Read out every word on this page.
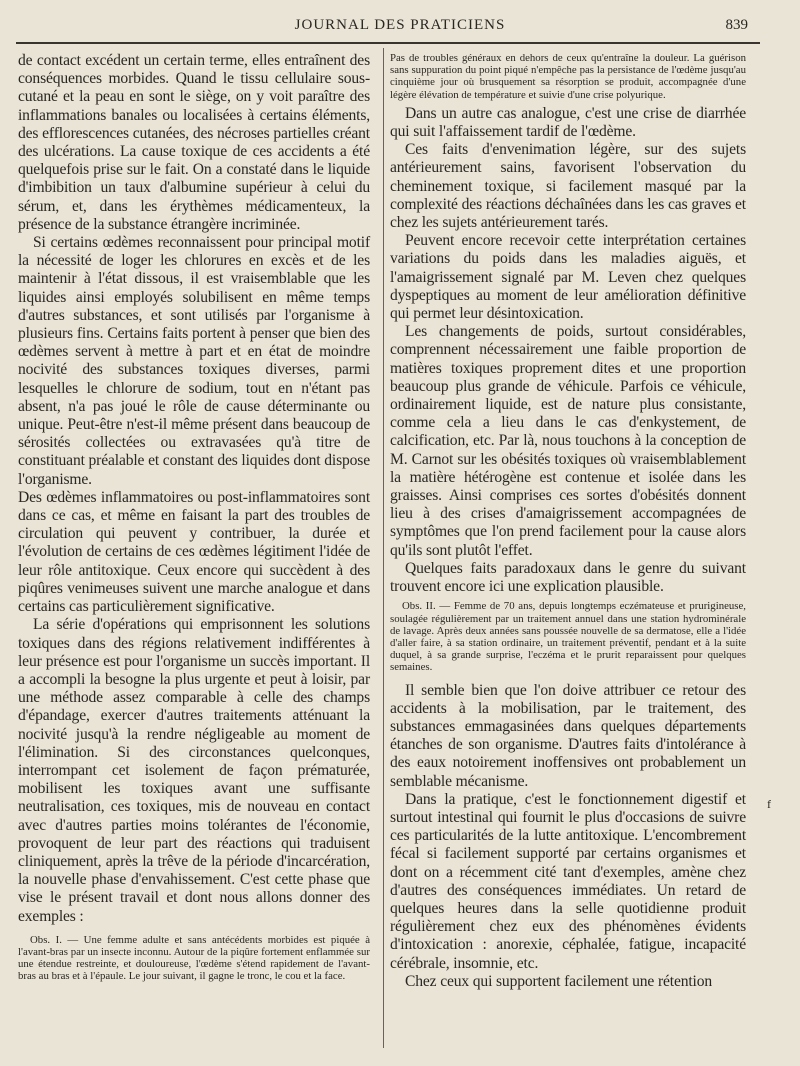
JOURNAL DES PRATICIENS	839

de contact excédent un certain terme, elles entraînent des conséquences morbides. Quand le tissu cellulaire sous-cutané et la peau en sont le siège, on y voit paraître des inflammations banales ou localisées à certains éléments, des efflorescences cutanées, des nécroses partielles créant des ulcérations. La cause toxique de ces accidents a été quelquefois prise sur le fait. On a constaté dans le liquide d'imbibition un taux d'albumine supérieur à celui du sérum, et, dans les érythèmes médicamenteux, la présence de la substance étrangère incriminée.

Si certains œdèmes reconnaissent pour principal motif la nécessité de loger les chlorures en excès et de les maintenir à l'état dissous, il est vraisemblable que les liquides ainsi employés solubilisent en même temps d'autres substances, et sont utilisés par l'organisme à plusieurs fins. Certains faits portent à penser que bien des œdèmes servent à mettre à part et en état de moindre nocivité des substances toxiques diverses, parmi lesquelles le chlorure de sodium, tout en n'étant pas absent, n'a pas joué le rôle de cause déterminante ou unique. Peut-être n'est-il même présent dans beaucoup de sérosités collectées ou extravasées qu'à titre de constituant préalable et constant des liquides dont dispose l'organisme.

Des œdèmes inflammatoires ou post-inflammatoires sont dans ce cas, et même en faisant la part des troubles de circulation qui peuvent y contribuer, la durée et l'évolution de certains de ces œdèmes légitiment l'idée de leur rôle antitoxique. Ceux encore qui succèdent à des piqûres venimeuses suivent une marche analogue et dans certains cas particulièrement significative.

La série d'opérations qui emprisonnent les solutions toxiques dans des régions relativement indifférentes à leur présence est pour l'organisme un succès important. Il a accompli la besogne la plus urgente et peut à loisir, par une méthode assez comparable à celle des champs d'épandage, exercer d'autres traitements atténuant la nocivité jusqu'à la rendre négligeable au moment de l'élimination. Si des circonstances quelconques, interrompant cet isolement de façon prématurée, mobilisent les toxiques avant une suffisante neutralisation, ces toxiques, mis de nouveau en contact avec d'autres parties moins tolérantes de l'économie, provoquent de leur part des réactions qui traduisent cliniquement, après la trêve de la période d'incarcération, la nouvelle phase d'envahissement. C'est cette phase que vise le présent travail et dont nous allons donner des exemples :

Obs. I. — Une femme adulte et sans antécédents morbides est piquée à l'avant-bras par un insecte inconnu. Autour de la piqûre fortement enflammée sur une étendue restreinte, et douloureuse, l'œdème s'étend rapidement de l'avant-bras au bras et à l'épaule. Le jour suivant, il gagne le tronc, le cou et la face.

Pas de troubles généraux en dehors de ceux qu'entraîne la douleur. La guérison sans suppuration du point piqué n'empêche pas la persistance de l'œdème jusqu'au cinquième jour où brusquement sa résorption se produit, accompagnée d'une légère élévation de température et suivie d'une crise polyurique.

Dans un autre cas analogue, c'est une crise de diarrhée qui suit l'affaissement tardif de l'œdème.

Ces faits d'envenimation légère, sur des sujets antérieurement sains, favorisent l'observation du cheminement toxique, si facilement masqué par la complexité des réactions déchaînées dans les cas graves et chez les sujets antérieurement tarés.

Peuvent encore recevoir cette interprétation certaines variations du poids dans les maladies aiguës, et l'amaigrissement signalé par M. Leven chez quelques dyspeptiques au moment de leur amélioration définitive qui permet leur désintoxication.

Les changements de poids, surtout considérables, comprennent nécessairement une faible proportion de matières toxiques proprement dites et une proportion beaucoup plus grande de véhicule. Parfois ce véhicule, ordinairement liquide, est de nature plus consistante, comme cela a lieu dans le cas d'enkystement, de calcification, etc. Par là, nous touchons à la conception de M. Carnot sur les obésités toxiques où vraisemblablement la matière hétérogène est contenue et isolée dans les graisses. Ainsi comprises ces sortes d'obésités donnent lieu à des crises d'amaigrissement accompagnées de symptômes que l'on prend facilement pour la cause alors qu'ils sont plutôt l'effet.

Quelques faits paradoxaux dans le genre du suivant trouvent encore ici une explication plausible.

Obs. II. — Femme de 70 ans, depuis longtemps eczémateuse et prurigineuse, soulagée régulièrement par un traitement annuel dans une station hydrominérale de lavage. Après deux années sans poussée nouvelle de sa dermatose, elle a l'idée d'aller faire, à sa station ordinaire, un traitement préventif, pendant et à la suite duquel, à sa grande surprise, l'eczéma et le prurit reparaissent pour quelques semaines.

Il semble bien que l'on doive attribuer ce retour des accidents à la mobilisation, par le traitement, des substances emmagasinées dans quelques départements étanches de son organisme. D'autres faits d'intolérance à des eaux notoirement inoffensives ont probablement un semblable mécanisme.

Dans la pratique, c'est le fonctionnement digestif et surtout intestinal qui fournit le plus d'occasions de suivre ces particularités de la lutte antitoxique. L'encombrement fécal si facilement supporté par certains organismes et dont on a récemment cité tant d'exemples, amène chez d'autres des conséquences immédiates. Un retard de quelques heures dans la selle quotidienne produit régulièrement chez eux des phénomènes évidents d'intoxication : anorexie, céphalée, fatigue, incapacité cérébrale, insomnie, etc.

Chez ceux qui supportent facilement une rétention

f
